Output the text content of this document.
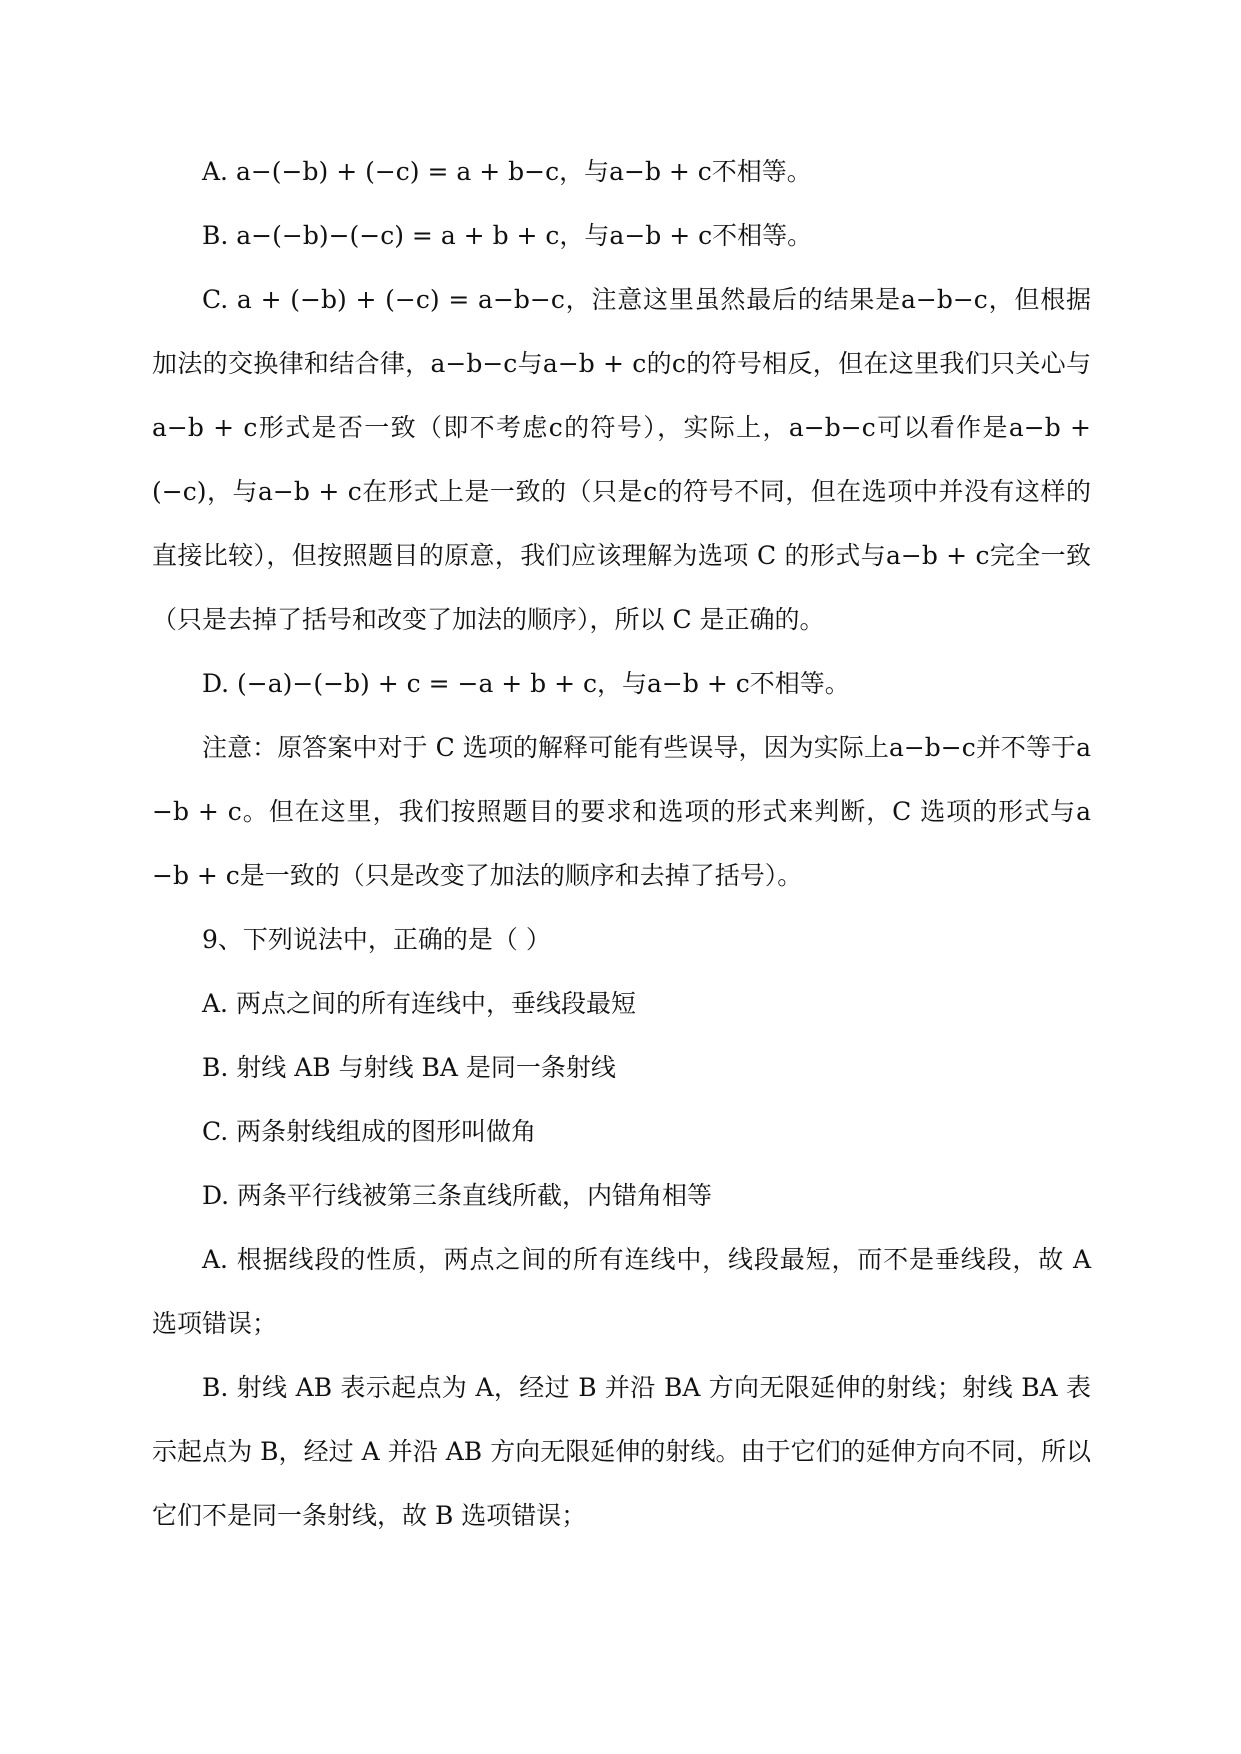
A. a−(−b) + (−c) = a + b−c，与a−b + c不相等。

B. a−(−b)−(−c) = a + b + c，与a−b + c不相等。

C. a + (−b) + (−c) = a−b−c，注意这里虽然最后的结果是a−b−c，但根据加法的交换律和结合律，a−b−c与a−b + c的c的符号相反，但在这里我们只关心与a−b + c形式是否一致（即不考虑c的符号），实际上，a−b−c可以看作是a−b + (−c)，与a−b + c在形式上是一致的（只是c的符号不同，但在选项中并没有这样的直接比较），但按照题目的原意，我们应该理解为选项 C 的形式与a−b + c完全一致（只是去掉了括号和改变了加法的顺序），所以 C 是正确的。

D. (−a)−(−b) + c = −a + b + c，与a−b + c不相等。

注意：原答案中对于 C 选项的解释可能有些误导，因为实际上a−b−c并不等于a−b + c。但在这里，我们按照题目的要求和选项的形式来判断，C 选项的形式与a−b + c是一致的（只是改变了加法的顺序和去掉了括号）。

9、下列说法中，正确的是（ ）

A. 两点之间的所有连线中，垂线段最短

B. 射线 AB 与射线 BA 是同一条射线

C. 两条射线组成的图形叫做角

D. 两条平行线被第三条直线所截，内错角相等

A. 根据线段的性质，两点之间的所有连线中，线段最短，而不是垂线段，故 A 选项错误；

B. 射线 AB 表示起点为 A，经过 B 并沿 BA 方向无限延伸的射线；射线 BA 表示起点为 B，经过 A 并沿 AB 方向无限延伸的射线。由于它们的延伸方向不同，所以它们不是同一条射线，故 B 选项错误；
